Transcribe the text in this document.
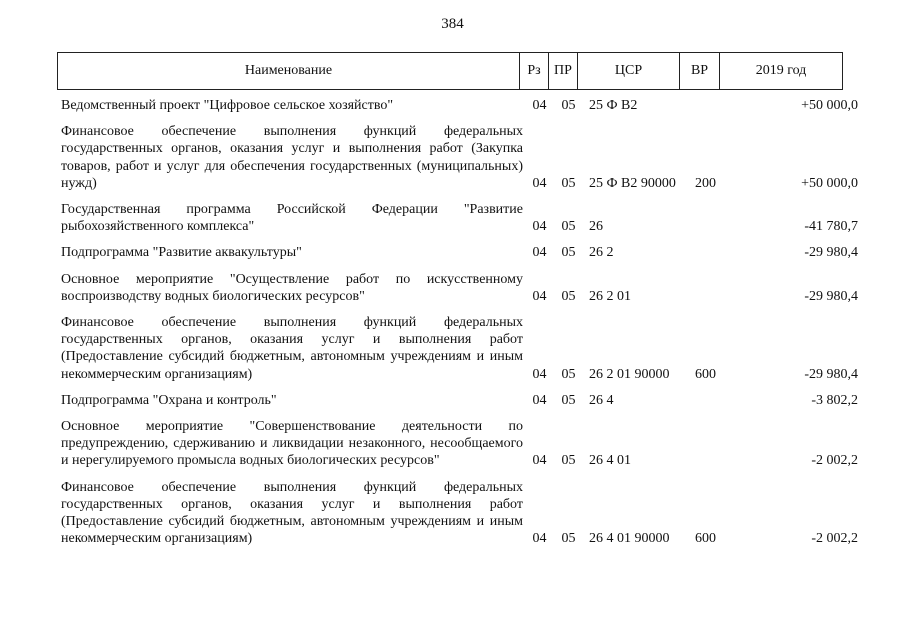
384
Наименование	Рз	ПР	ЦСР	ВР	2019 год
Ведомственный проект "Цифровое сельское хозяйство"	04	05	25 Ф В2		+50 000,0

Финансовое обеспечение выполнения функций федеральных государственных органов, оказания услуг и выполнения работ (Закупка товаров, работ и услуг для обеспечения государственных (муниципальных) нужд)	04	05	25 Ф В2 90000	200	+50 000,0

Государственная программа Российской Федерации "Развитие рыбохозяйственного комплекса"	04	05	26		-41 780,7

Подпрограмма "Развитие аквакультуры"	04	05	26 2		-29 980,4

Основное мероприятие "Осуществление работ по искусственному воспроизводству водных биологических ресурсов"	04	05	26 2 01		-29 980,4

Финансовое обеспечение выполнения функций федеральных государственных органов, оказания услуг и выполнения работ (Предоставление субсидий бюджетным, автономным учреждениям и иным некоммерческим организациям)	04	05	26 2 01 90000	600	-29 980,4

Подпрограмма "Охрана и контроль"	04	05	26 4		-3 802,2

Основное мероприятие "Совершенствование деятельности по предупреждению, сдерживанию и ликвидации незаконного, несообщаемого и нерегулируемого промысла водных биологических ресурсов"	04	05	26 4 01		-2 002,2

Финансовое обеспечение выполнения функций федеральных государственных органов, оказания услуг и выполнения работ (Предоставление субсидий бюджетным, автономным учреждениям и иным некоммерческим организациям)	04	05	26 4 01 90000	600	-2 002,2
